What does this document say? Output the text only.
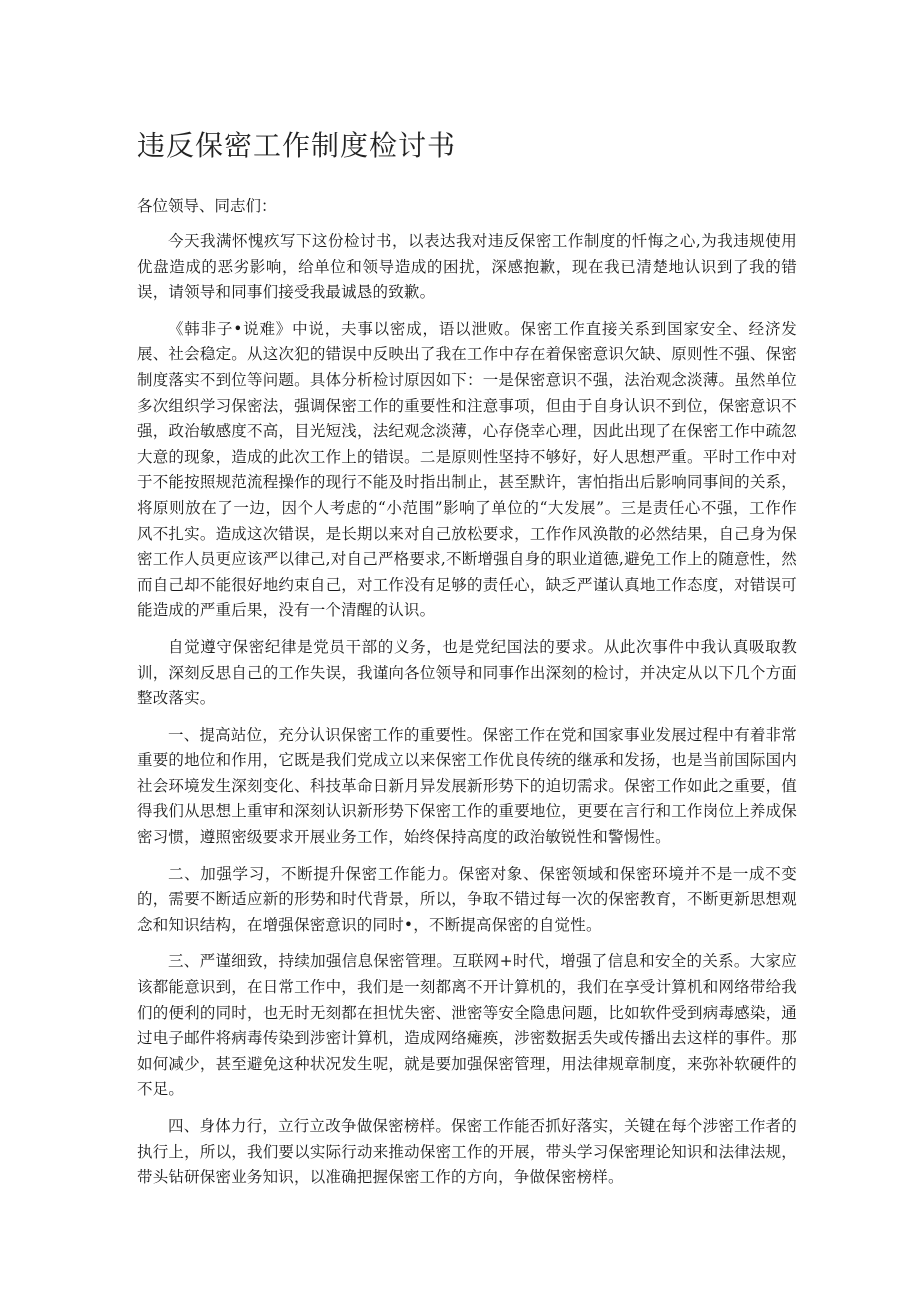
违反保密工作制度检讨书

各位领导、同志们：

今天我满怀愧疚写下这份检讨书，以表达我对违反保密工作制度的忏悔之心,为我违规使用优盘造成的恶劣影响，给单位和领导造成的困扰，深感抱歉，现在我已清楚地认识到了我的错误，请领导和同事们接受我最诚恳的致歉。

《韩非子•说难》中说，夫事以密成，语以泄败。保密工作直接关系到国家安全、经济发展、社会稳定。从这次犯的错误中反映出了我在工作中存在着保密意识欠缺、原则性不强、保密制度落实不到位等问题。具体分析检讨原因如下：一是保密意识不强，法治观念淡薄。虽然单位多次组织学习保密法，强调保密工作的重要性和注意事项，但由于自身认识不到位，保密意识不强，政治敏感度不高，目光短浅，法纪观念淡薄，心存侥幸心理，因此出现了在保密工作中疏忽大意的现象，造成的此次工作上的错误。二是原则性坚持不够好，好人思想严重。平时工作中对于不能按照规范流程操作的现行不能及时指出制止，甚至默许，害怕指出后影响同事间的关系，将原则放在了一边，因个人考虑的“小范围”影响了单位的“大发展”。三是责任心不强，工作作风不扎实。造成这次错误，是长期以来对自己放松要求，工作作风涣散的必然结果，自己身为保密工作人员更应该严以律己,对自己严格要求,不断增强自身的职业道德,避免工作上的随意性，然而自己却不能很好地约束自己，对工作没有足够的责任心，缺乏严谨认真地工作态度，对错误可能造成的严重后果，没有一个清醒的认识。

自觉遵守保密纪律是党员干部的义务，也是党纪国法的要求。从此次事件中我认真吸取教训，深刻反思自己的工作失误，我谨向各位领导和同事作出深刻的检讨，并决定从以下几个方面整改落实。

一、提高站位，充分认识保密工作的重要性。保密工作在党和国家事业发展过程中有着非常重要的地位和作用，它既是我们党成立以来保密工作优良传统的继承和发扬，也是当前国际国内社会环境发生深刻变化、科技革命日新月异发展新形势下的迫切需求。保密工作如此之重要，值得我们从思想上重审和深刻认识新形势下保密工作的重要地位，更要在言行和工作岗位上养成保密习惯，遵照密级要求开展业务工作，始终保持高度的政治敏锐性和警惕性。

二、加强学习，不断提升保密工作能力。保密对象、保密领域和保密环境并不是一成不变的，需要不断适应新的形势和时代背景，所以，争取不错过每一次的保密教育，不断更新思想观念和知识结构，在增强保密意识的同时•，不断提高保密的自觉性。

三、严谨细致，持续加强信息保密管理。互联网+时代，增强了信息和安全的关系。大家应该都能意识到，在日常工作中，我们是一刻都离不开计算机的，我们在享受计算机和网络带给我们的便利的同时，也无时无刻都在担忧失密、泄密等安全隐患问题，比如软件受到病毒感染，通过电子邮件将病毒传染到涉密计算机，造成网络瘫痪，涉密数据丢失或传播出去这样的事件。那如何减少，甚至避免这种状况发生呢，就是要加强保密管理，用法律规章制度，来弥补软硬件的不足。

四、身体力行，立行立改争做保密榜样。保密工作能否抓好落实，关键在每个涉密工作者的执行上，所以，我们要以实际行动来推动保密工作的开展，带头学习保密理论知识和法律法规，带头钻研保密业务知识，以准确把握保密工作的方向，争做保密榜样。
